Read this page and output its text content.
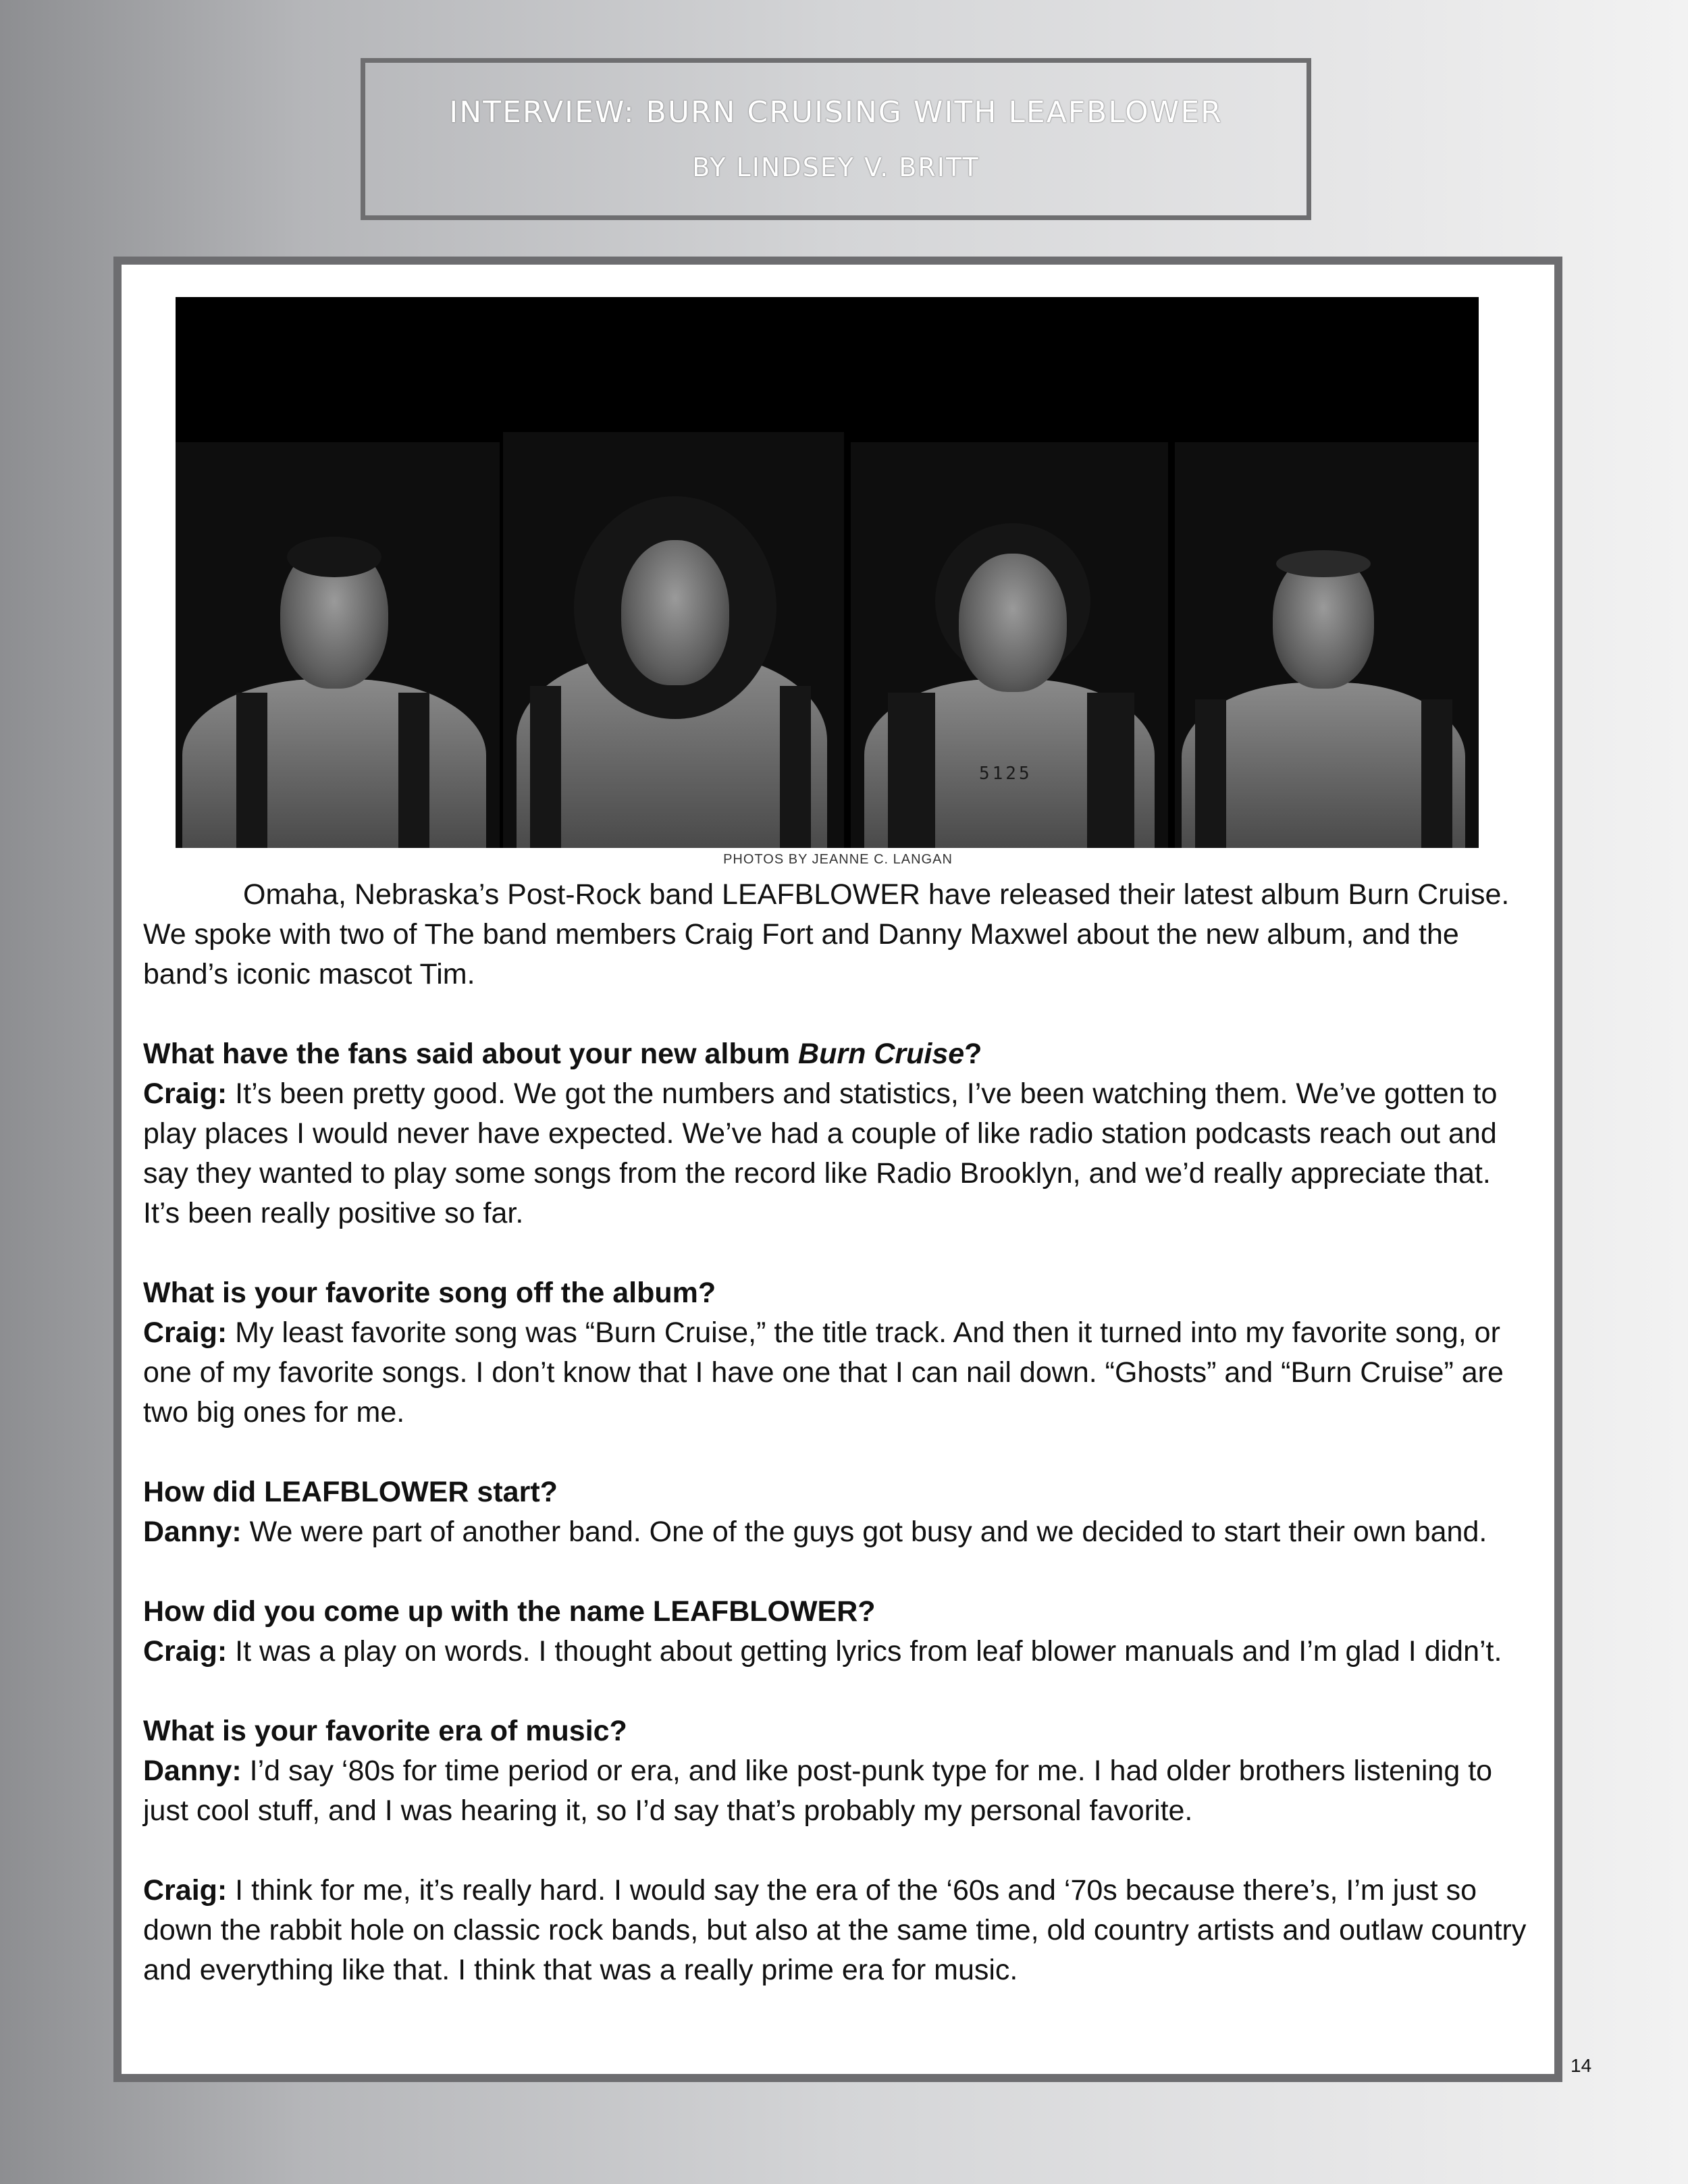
INTERVIEW: BURN CRUISING WITH LEAFBLOWER
BY LINDSEY V. BRITT
5125
PHOTOS BY JEANNE C. LANGAN

Omaha, Nebraska’s Post-Rock band LEAFBLOWER have released their latest album Burn Cruise. We spoke with two of The band members Craig Fort and Danny Maxwel about the new album, and the band’s iconic mascot Tim.

What have the fans said about your new album Burn Cruise?

Craig: It’s been pretty good. We got the numbers and statistics, I’ve been watching them. We’ve gotten to play places I would never have expected. We’ve had a couple of like radio station podcasts reach out and say they wanted to play some songs from the record like Radio Brooklyn, and we’d really appreciate that. It’s been really positive so far.

What is your favorite song off the album?

Craig: My least favorite song was “Burn Cruise,” the title track. And then it turned into my favorite song, or one of my favorite songs. I don’t know that I have one that I can nail down. “Ghosts” and “Burn Cruise” are two big ones for me.

How did LEAFBLOWER start?

Danny: We were part of another band. One of the guys got busy and we decided to start their own band.

How did you come up with the name LEAFBLOWER?

Craig: It was a play on words. I thought about getting lyrics from leaf blower manuals and I’m glad I didn’t.

What is your favorite era of music?

Danny: I’d say ‘80s for time period or era, and like post-punk type for me. I had older brothers listening to just cool stuff, and I was hearing it, so I’d say that’s probably my personal favorite.

Craig: I think for me, it’s really hard. I would say the era of the ‘60s and ‘70s because there’s, I’m just so down the rabbit hole on classic rock bands, but also at the same time, old country artists and outlaw country and everything like that. I think that was a really prime era for music.

14
